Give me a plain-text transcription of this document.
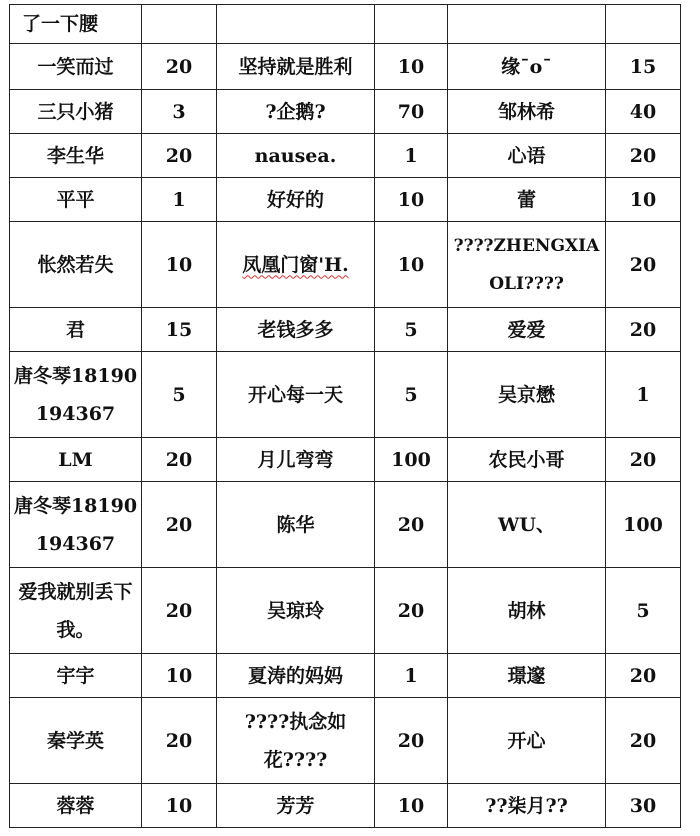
了一下腰					
一笑而过	20	坚持就是胜利	10	缘ˉoˉ	15
三只小猪	3	?企鹅?	70	邹林希	40
李生华	20	nausea.	1	心语	20
平平	1	好好的	10	蕾	10
怅然若失	10	凤凰门窗'H.	10	????ZHENGXIAOLI????	20
君	15	老钱多多	5	爱爱	20
唐冬琴18190194367	5	开心每一天	5	吴京懋	1
LM	20	月儿弯弯	100	农民小哥	20
唐冬琴18190194367	20	陈华	20	WU、	100
爱我就别丢下我。	20	吴琼玲	20	胡林	5
宇宇	10	夏涛的妈妈	1	璟邃	20
秦学英	20	????执念如花????	20	开心	20
蓉蓉	10	芳芳	10	??柒月??	30
